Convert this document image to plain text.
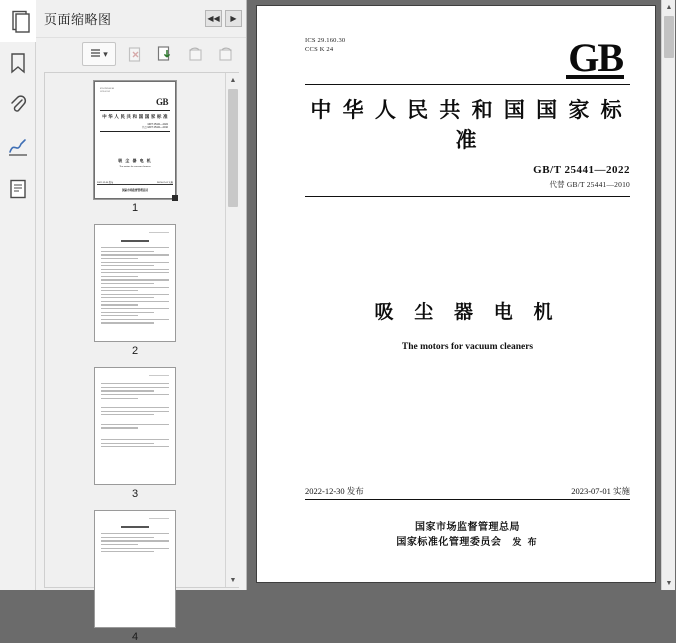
页面缩略图	◀◀	▶
▾
ICS 29.160.30
CCS K 24
GB
中 华 人 民 共 和 国 国 家 标 准
GB/T 25441—2022
代替 GB/T 25441—2010
吸 尘 器 电 机
The motors for vacuum cleaners
2022-12-30 发布	2023-07-01 实施
国家市场监督管理总局
1
2
3
4
▲
▼
ICS 29.160.30
CCS K 24	GB
中 华 人 民 共 和 国 国 家 标 准
GB/T 25441—2022
代替 GB/T 25441—2010
吸 尘 器 电 机
The motors for vacuum cleaners
2022-12-30 发布	2023-07-01 实施
国家市场监督管理总局
国家标准化管理委员会 发 布
▲
▼
